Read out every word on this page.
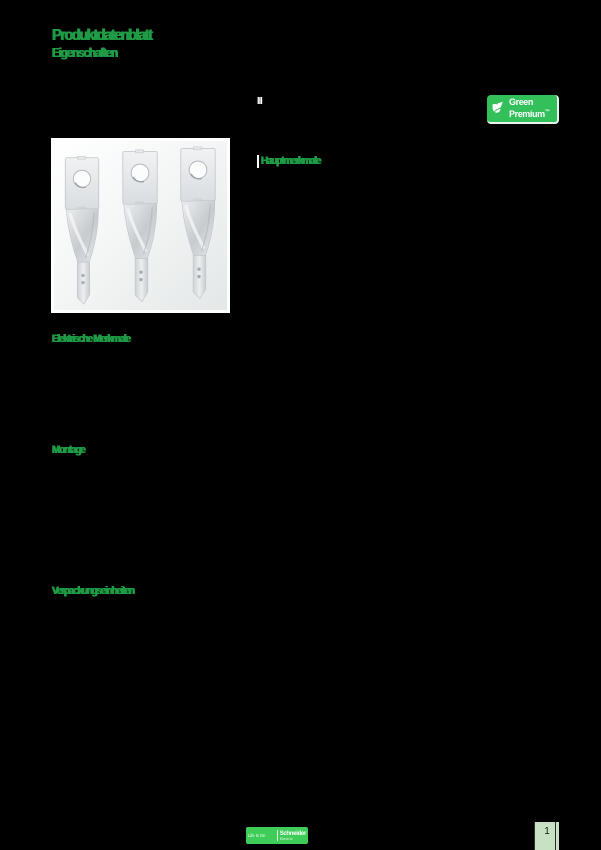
Produktdatenblatt
Eigenschaften
III	Green
Premium™
Hauptmerkmale
Elektrische Merkmale
Montage
Verpackungseinheiten
Life Is On	Schneider
Electric
1
